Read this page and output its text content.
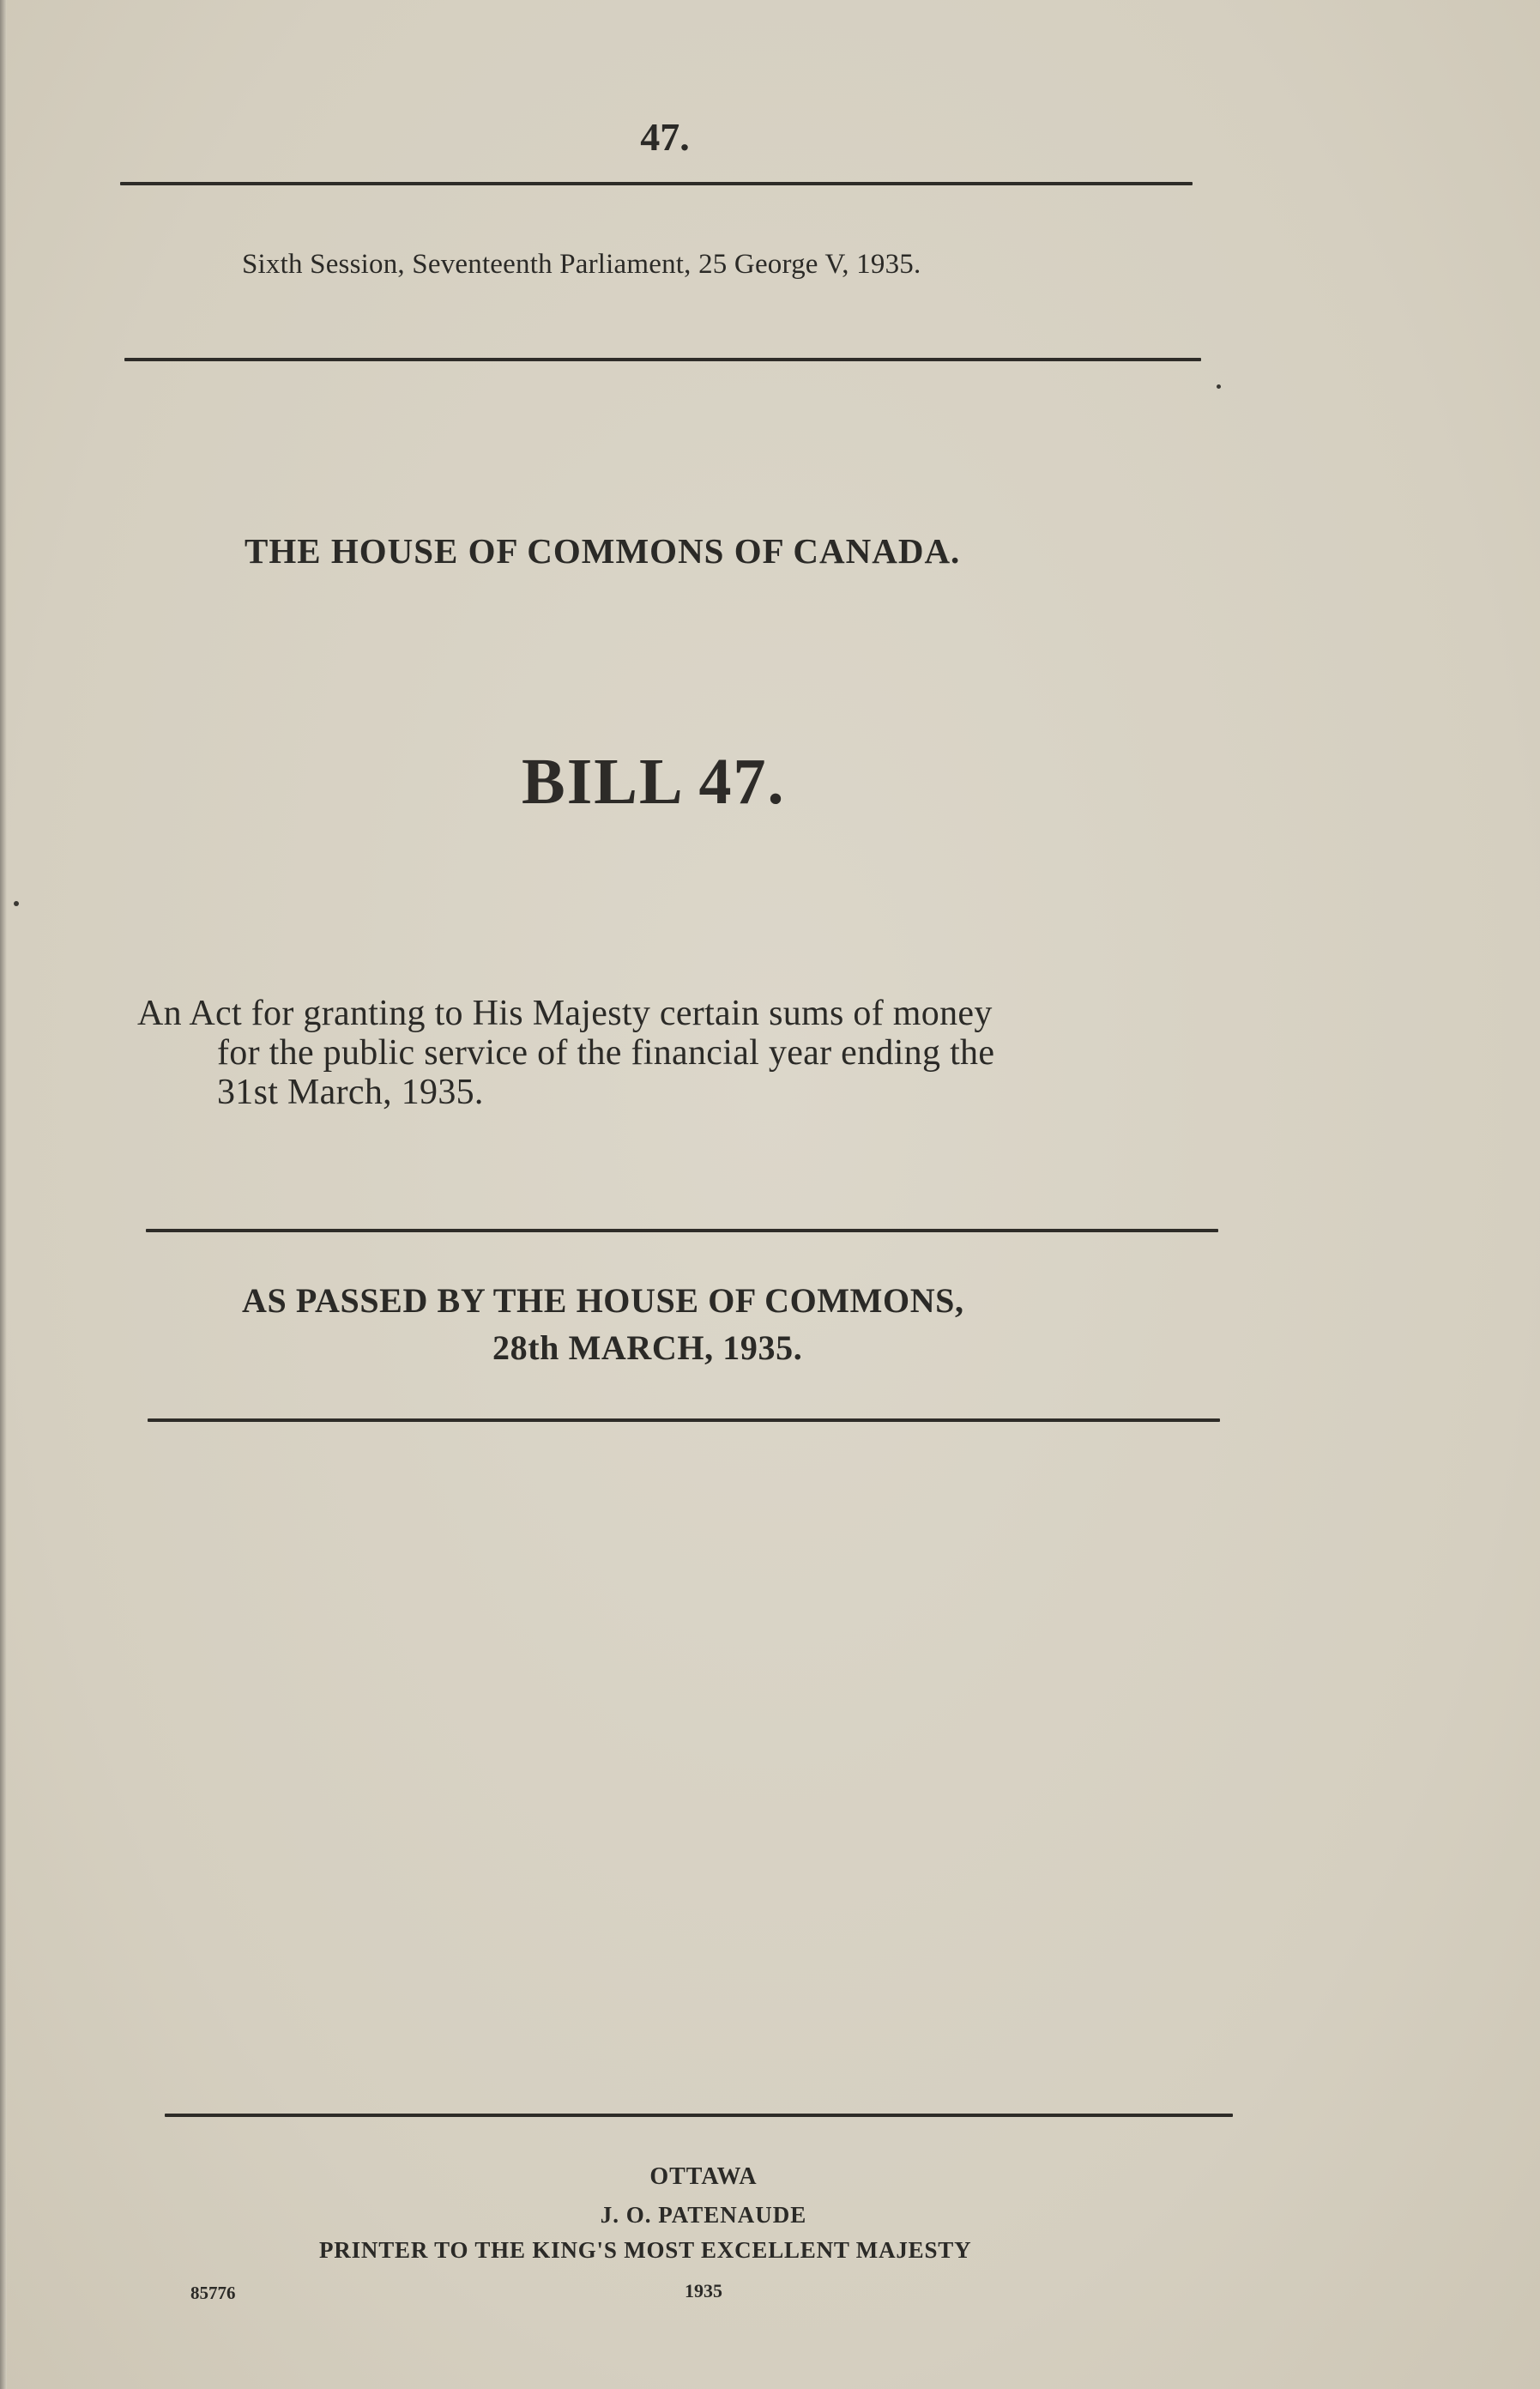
47.
Sixth Session, Seventeenth Parliament, 25 George V, 1935.
THE HOUSE OF COMMONS OF CANADA.
BILL 47.
An Act for granting to His Majesty certain sums of money
for the public service of the financial year ending the
31st March, 1935.
AS PASSED BY THE HOUSE OF COMMONS,
28th MARCH, 1935.
OTTAWA
J. O. PATENAUDE
PRINTER TO THE KING'S MOST EXCELLENT MAJESTY
85776	1935
